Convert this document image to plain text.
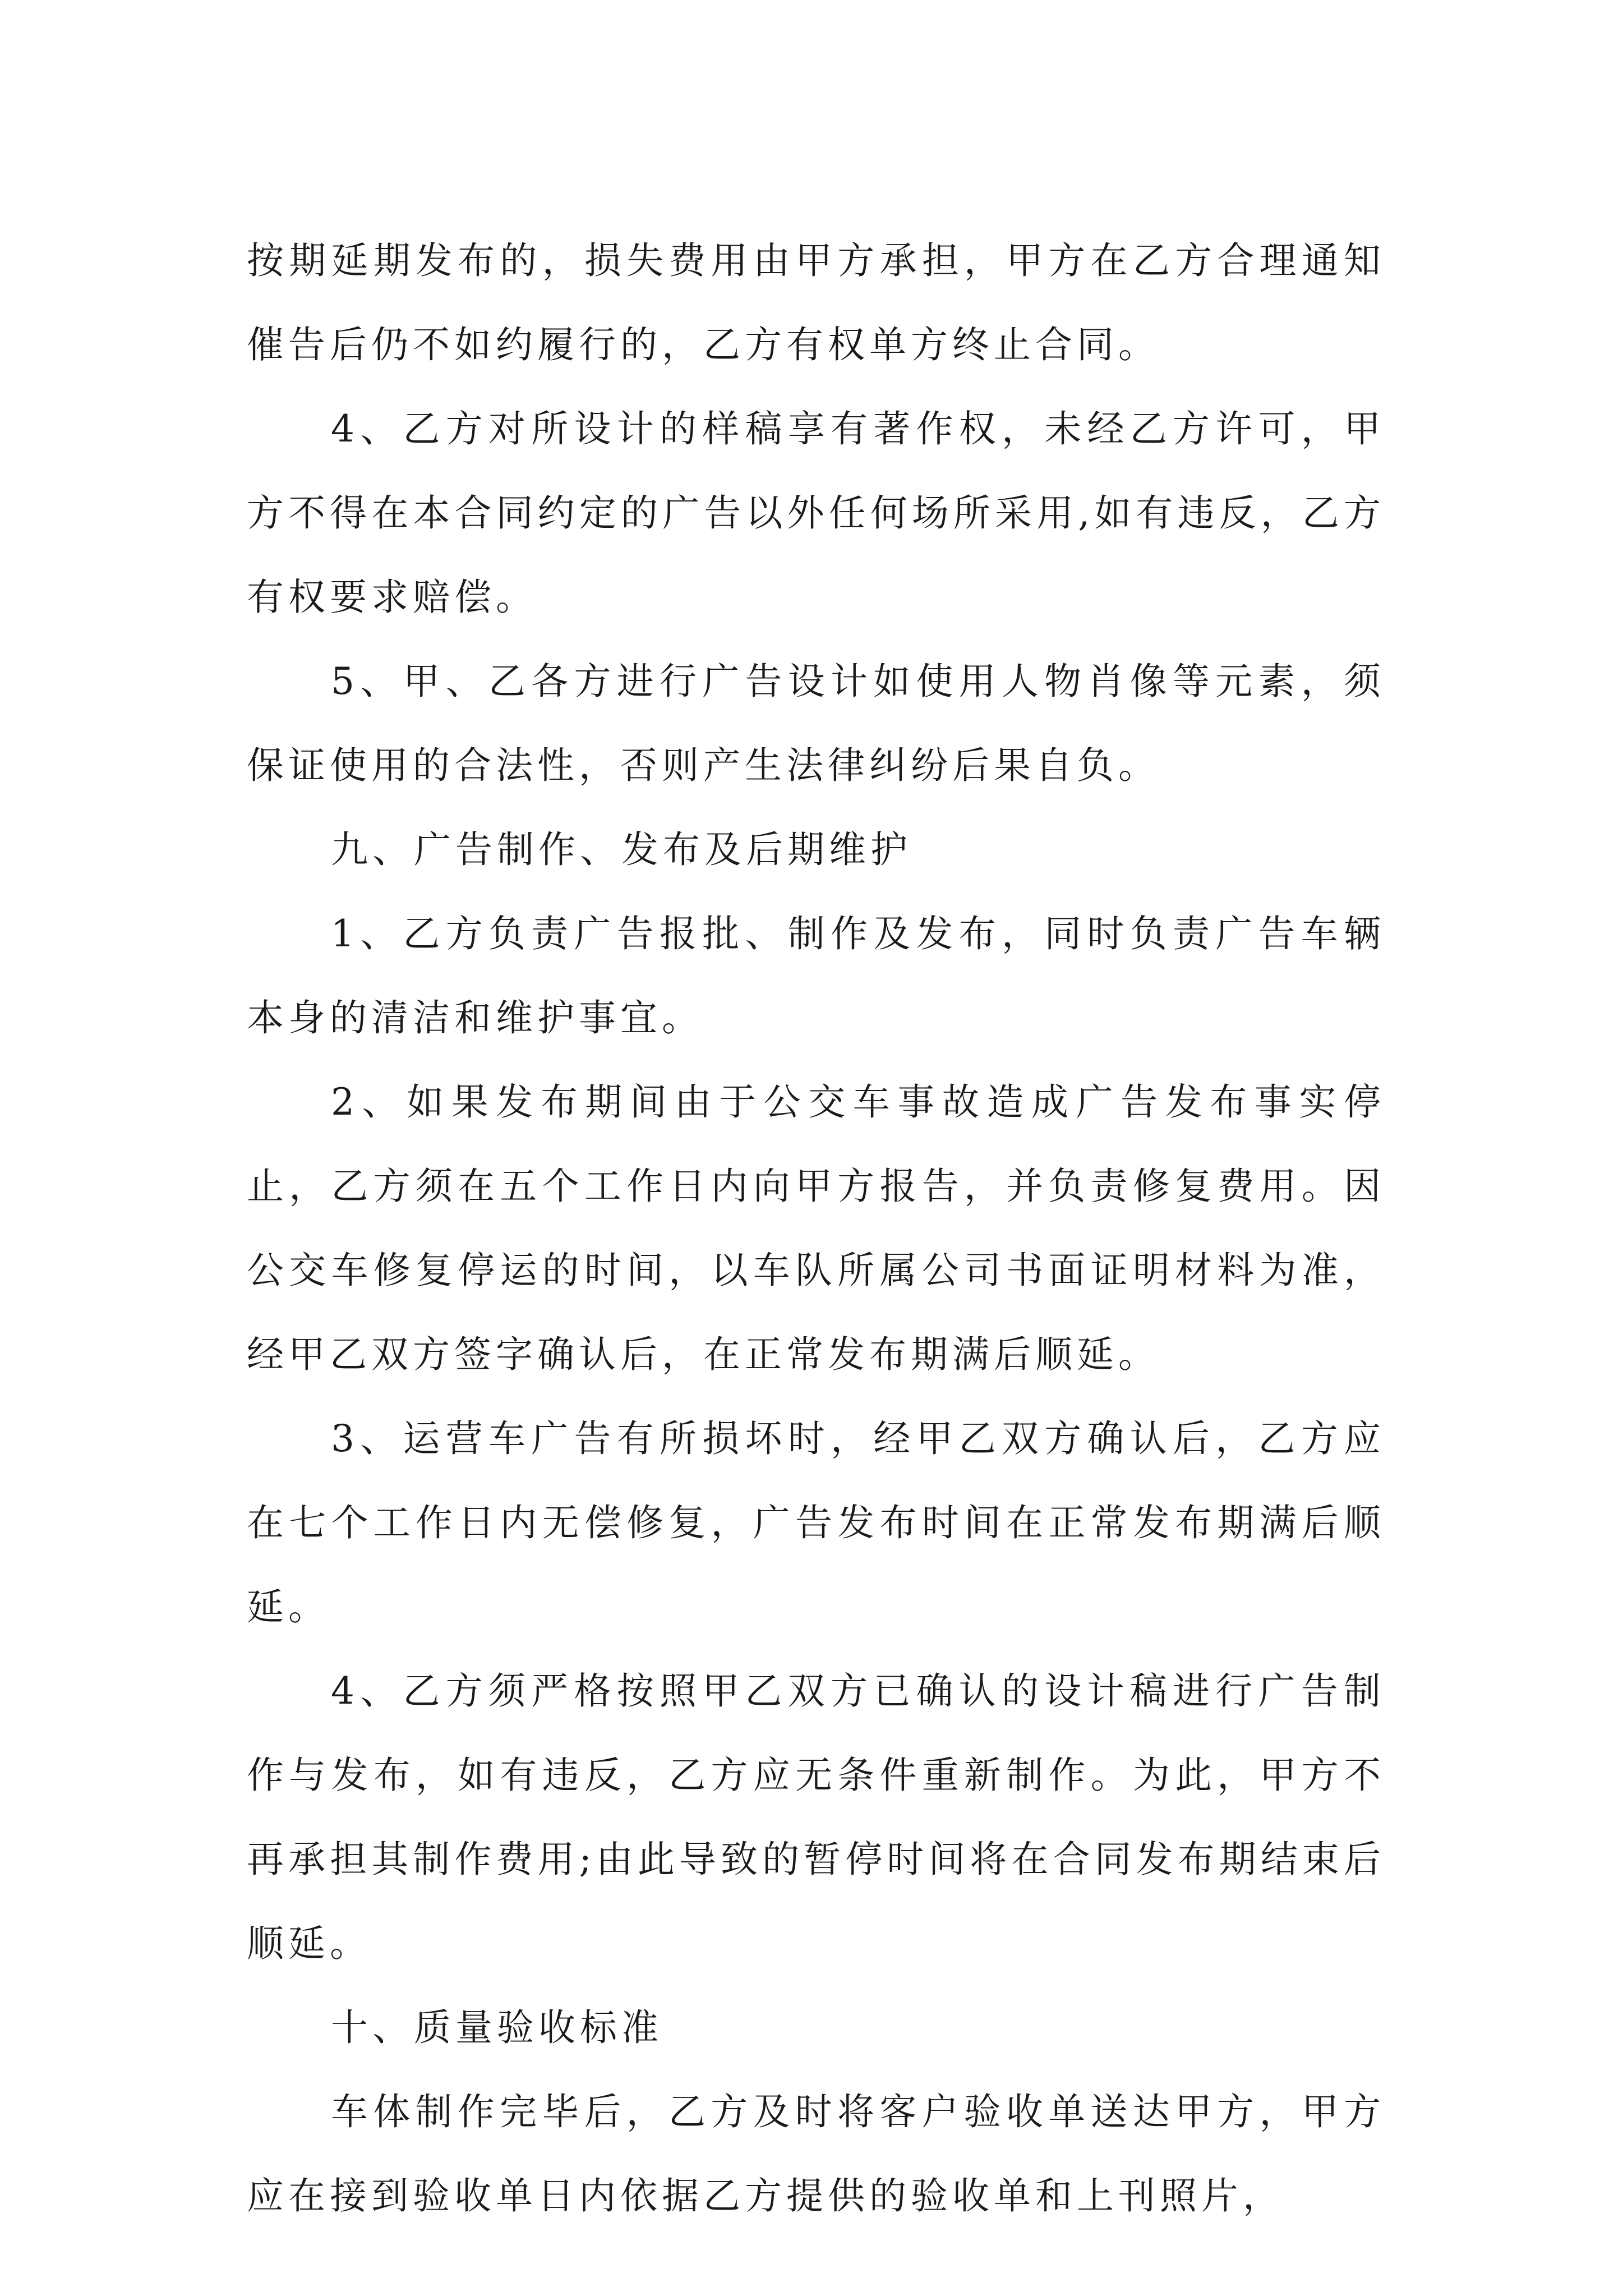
按期延期发布的，损失费用由甲方承担，甲方在乙方合理通知催告后仍不如约履行的，乙方有权单方终止合同。

4、乙方对所设计的样稿享有著作权，未经乙方许可，甲方不得在本合同约定的广告以外任何场所采用,如有违反，乙方有权要求赔偿。

5、甲、乙各方进行广告设计如使用人物肖像等元素，须保证使用的合法性，否则产生法律纠纷后果自负。

九、广告制作、发布及后期维护

1、乙方负责广告报批、制作及发布，同时负责广告车辆本身的清洁和维护事宜。

2、如果发布期间由于公交车事故造成广告发布事实停止，乙方须在五个工作日内向甲方报告，并负责修复费用。因公交车修复停运的时间，以车队所属公司书面证明材料为准，经甲乙双方签字确认后，在正常发布期满后顺延。

3、运营车广告有所损坏时，经甲乙双方确认后，乙方应在七个工作日内无偿修复，广告发布时间在正常发布期满后顺延。

4、乙方须严格按照甲乙双方已确认的设计稿进行广告制作与发布，如有违反，乙方应无条件重新制作。为此，甲方不再承担其制作费用;由此导致的暂停时间将在合同发布期结束后顺延。

十、质量验收标准

车体制作完毕后，乙方及时将客户验收单送达甲方，甲方应在接到验收单日内依据乙方提供的验收单和上刊照片，
